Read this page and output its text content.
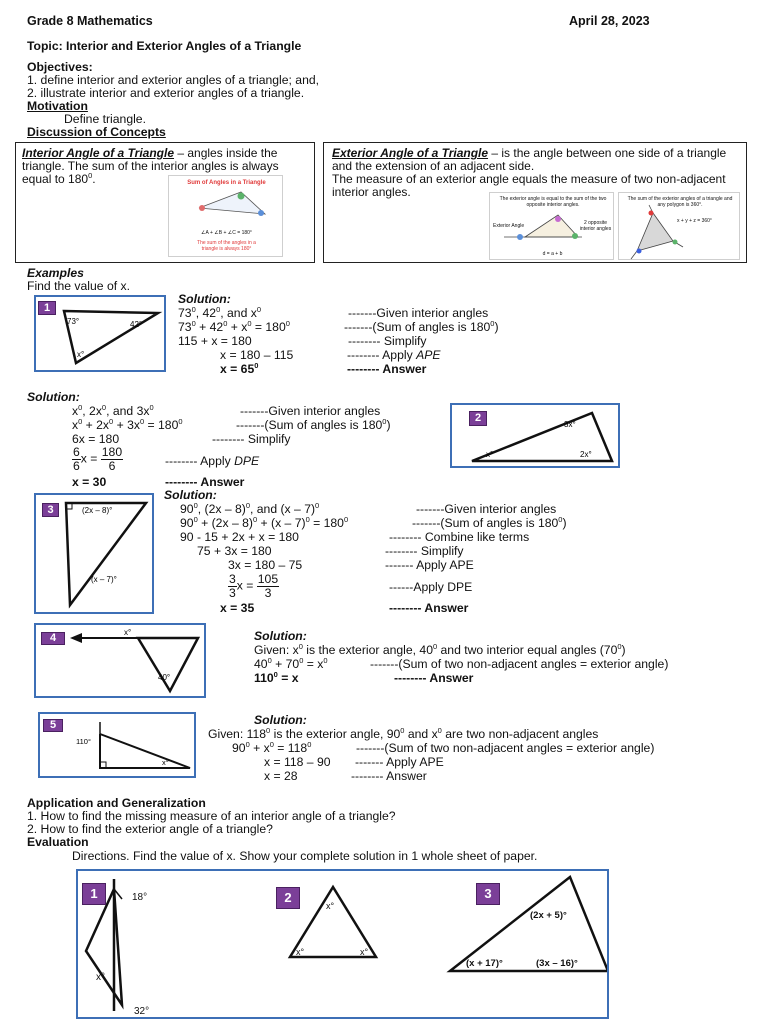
Grade 8 Mathematics	April 28, 2023
Topic: Interior and Exterior Angles of a Triangle
Objectives:
1. define interior and exterior angles of a triangle; and,
2. illustrate interior and exterior angles of a triangle.
Motivation
Define triangle.
Discussion of Concepts
Interior Angle of a Triangle – angles inside the triangle. The sum of the interior angles is always equal to $180^0$.	Sum of Angles in a Triangle
∠A + ∠B + ∠C = 180°
The sum of the angles in a triangle is always 180°
Exterior Angle of a Triangle – is the angle between one side of a triangle and the extension of an adjacent side.
The measure of an exterior angle equals the measure of two non-adjacent interior angles.	The exterior angle is equal to the sum of the two opposite interior angles.
Exterior Angle	2 opposite interior angles
d = a + b
The sum of the exterior angles of a triangle and any polygon is 360°.
x + y + z = 360°
Examples
Find the value of x.
73°	42°
x°
1
Solution:
$73^0$, $42^0$, and $x^0$	-------Given interior angles
$73^0 + 42^0 + x^0 = 180^0$	-------(Sum of angles is $180^0$)
115 + x = 180	-------- Simplify
x = 180 – 115	-------- Apply APE
$x = 65^0$	-------- Answer
Solution:
$x^0$, $2x^0$, and $3x^0$	-------Given interior angles
$x^0 + 2x^0 + 3x^0 = 180^0$	-------(Sum of angles is $180^0$)
6x = 180	-------- Simplify
$\frac{6}{6}$ $x = \frac{180}{6}$	-------- Apply DPE
x = 30	-------- Answer
3x°
x°	2x°
2
(2x – 8)°
(x – 7)°
3
Solution:
$90^0$, (2x – 8)$^0$, and (x – 7)$^0$	-------Given interior angles
$90^0 + (2x - 8)^0 + (x - 7)^0 = 180^0$	-------(Sum of angles is $180^0$)
90 - 15 + 2x + x = 180	-------- Combine like terms
75 + 3x = 180	-------- Simplify
3x = 180 – 75	------- Apply APE
$\frac{3}{3}$ $x = \frac{105}{3}$	------Apply DPE
x = 35	-------- Answer
x°
40°
4	Solution:
Given: $x^0$ is the exterior angle, $40^0$ and two interior equal angles $(70^0)$
$40^0 + 70^0 = x^0$	-------(Sum of two non-adjacent angles = exterior angle)
$110^0 = x$	-------- Answer
110°
x°
5	Solution:
Given: $118^0$ is the exterior angle, $90^0$ and $x^0$ are two non-adjacent angles
$90^0 + x^0 = 118^0$	-------(Sum of two non-adjacent angles = exterior angle)
x = 118 – 90 ------- Apply APE
x = 28	-------- Answer
Application and Generalization
1. How to find the missing measure of an interior angle of a triangle?
2. How to find the exterior angle of a triangle?
Evaluation
Directions. Find the value of x. Show your complete solution in 1 whole sheet of paper.
18°
x°
32°
x°
x°	x°
(2x + 5)°
(x + 17)°	(3x – 16)°
1	2	3
